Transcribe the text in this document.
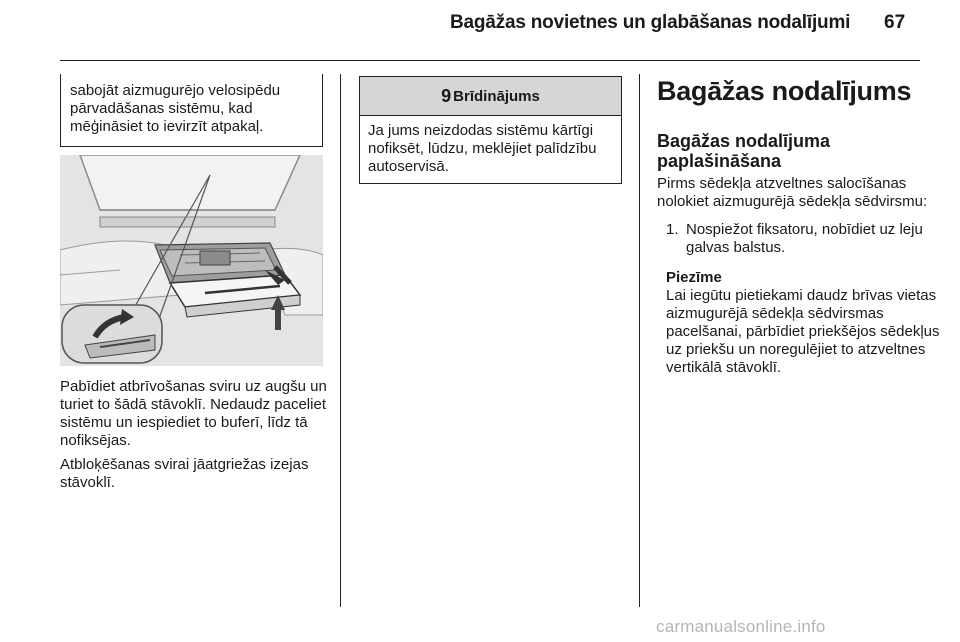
Bagāžas novietnes un glabāšanas nodalījumi 67
sabojāt aizmugurējo velosipēdu pārvadāšanas sistēmu, kad mēģināsiet to ievirzīt atpakaļ.

Pabīdiet atbrīvošanas sviru uz augšu un turiet to šādā stāvoklī. Nedaudz paceliet sistēmu un iespiediet to buferī, līdz tā nofiksējas.

Atbloķēšanas svirai jāatgriežas izejas stāvoklī.

9 Brīdinājums
Ja jums neizdodas sistēmu kārtīgi nofiksēt, lūdzu, meklējiet palīdzību autoservisā.
Bagāžas nodalījums
Bagāžas nodalījuma paplašināšana

Pirms sēdekļa atzveltnes salocīšanas nolokiet aizmugurējā sēdekļa sēdvirsmu:

1. Nospiežot fiksatoru, nobīdiet uz leju galvas balstus.
Piezīme
Lai iegūtu pietiekami daudz brīvas vietas aizmugurējā sēdekļa sēdvirsmas pacelšanai, pārbīdiet priekšējos sēdekļus uz priekšu un noregulējiet to atzveltnes vertikālā stāvoklī.
carmanualsonline.info
